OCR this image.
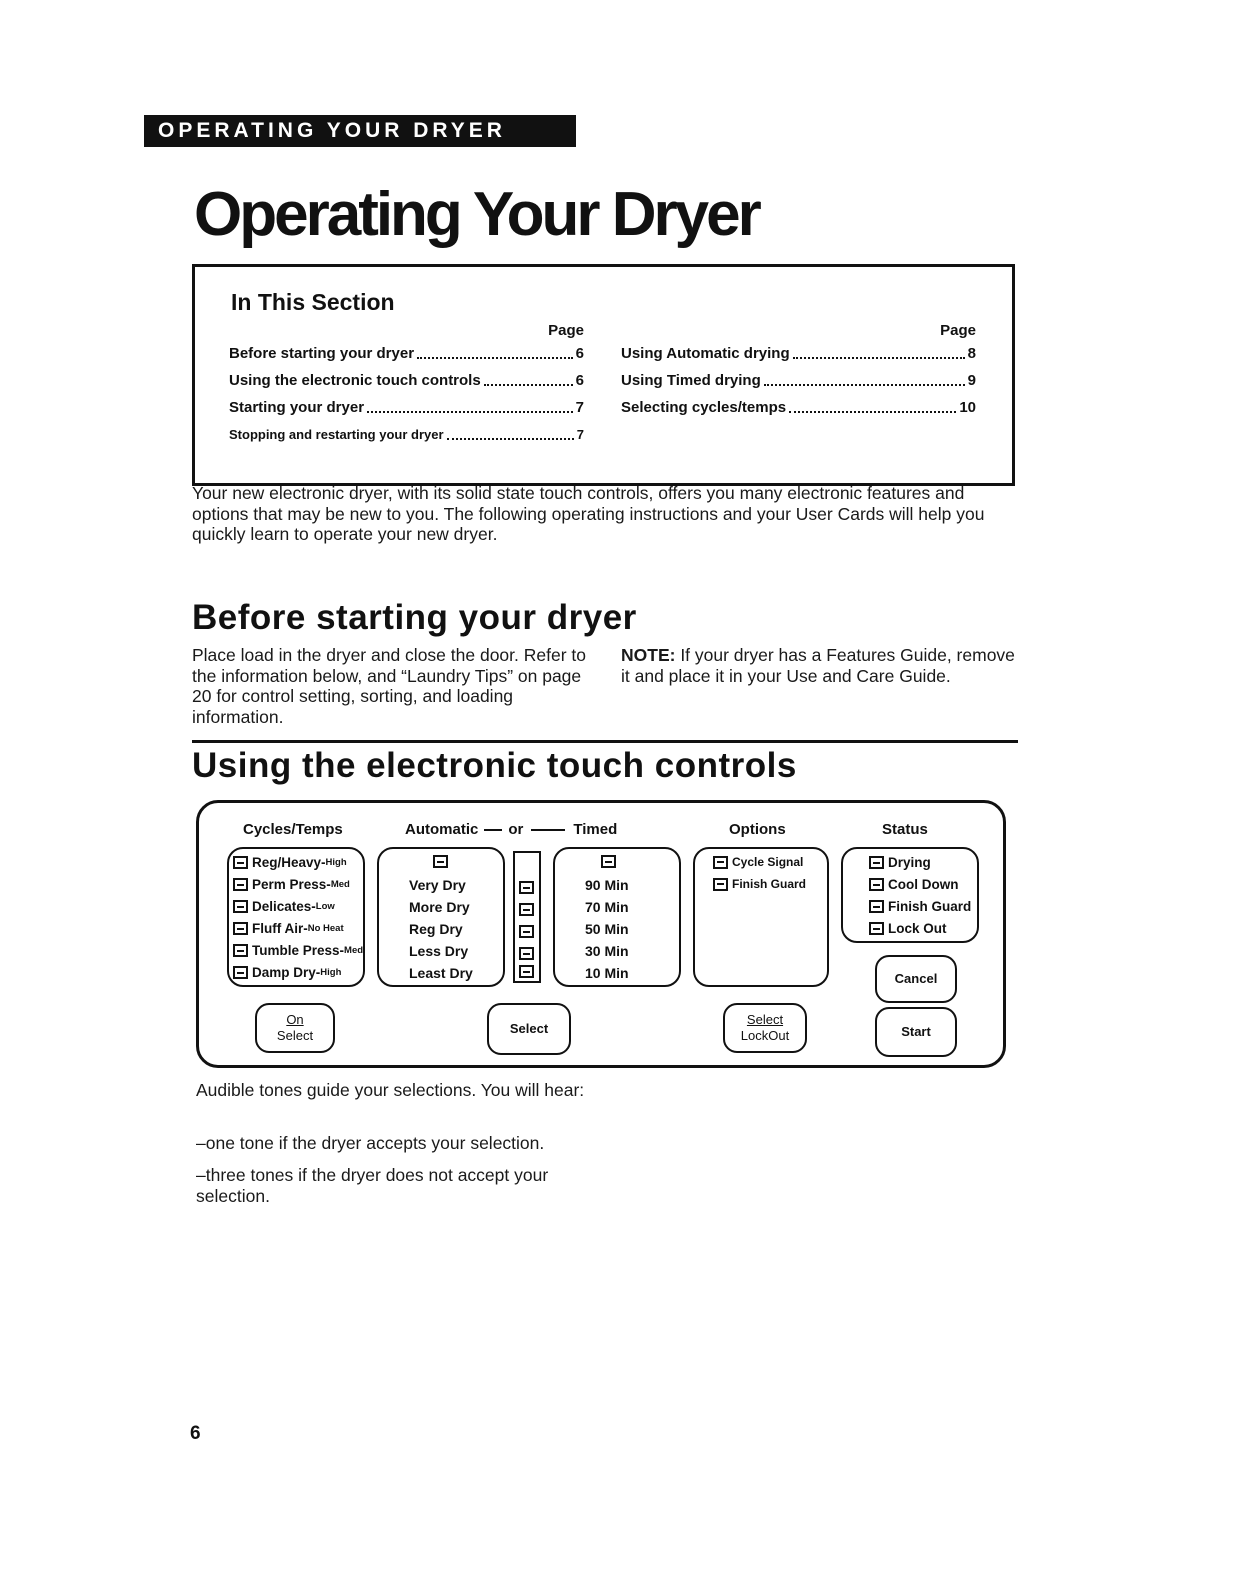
OPERATING YOUR DRYER
Operating Your Dryer
In This Section
Page
Before starting your dryer	6
Using the electronic touch controls	6
Starting your dryer	7
Stopping and restarting your dryer	7
Page
Using Automatic drying	8
Using Timed drying	9
Selecting cycles/temps	10
Your new electronic dryer, with its solid state touch controls, offers you many electronic features and options that may be new to you. The following operating instructions and your User Cards will help you quickly learn to operate your new dryer.
Before starting your dryer
Place load in the dryer and close the door. Refer to the information below, and “Laundry Tips” on page 20 for control setting, sorting, and loading information.
NOTE: If your dryer has a Features Guide, remove it and place it in your Use and Care Guide.
Using the electronic touch controls
Cycles/Temps	Automatic or	Timed	Options	Status
Reg/Heavy- High
Perm Press- Med
Delicates- Low
Fluff Air- No Heat
Tumble Press- Med
Damp Dry- High
Very Dry
More Dry
Reg Dry
Less Dry
Least Dry
90 Min
70 Min
50 Min
30 Min
10 Min
Cycle Signal
Finish Guard
Drying
Cool Down
Finish Guard
Lock Out
On
Select	Select
Select
LockOut
Cancel
Start
Audible tones guide your selections. You will hear:
–one tone if the dryer accepts your selection.
–three tones if the dryer does not accept your selection.
6
